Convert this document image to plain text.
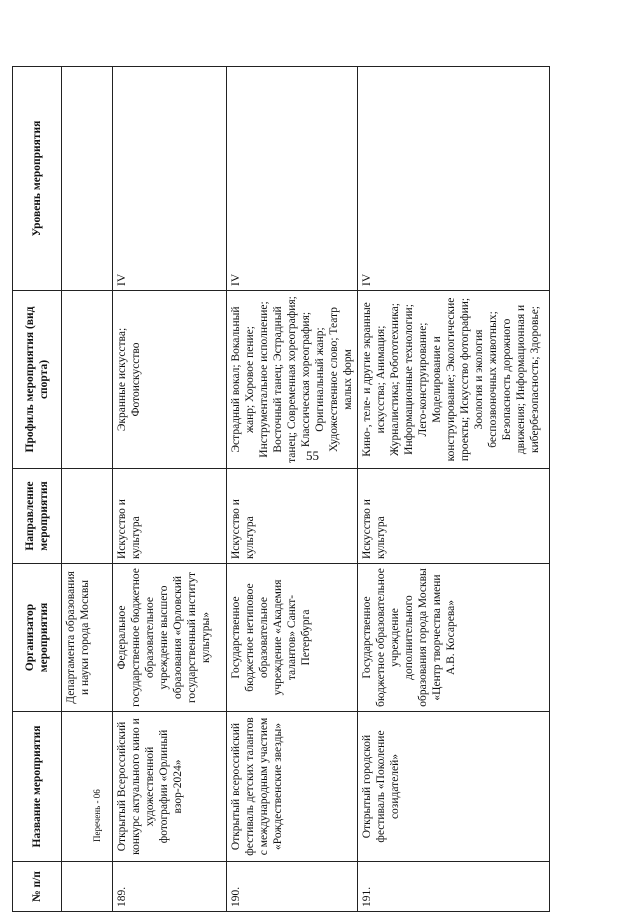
55
Перечень - 06
№ п/п	Название мероприятия	Организатор мероприятия	Направление мероприятия	Профиль мероприятия (вид спорта)	Уровень мероприятия
		Департамента образования и науки города Москвы			
189.	Открытый Всероссийский конкурс актуального кино и художественной фотографии «Орлиный взор-2024»	Федеральное государственное бюджетное образовательное учреждение высшего образования «Орловский государственный институт культуры»	Искусство и культура	Экранные искусства; Фотоискусство	IV
190.	Открытый всероссийский фестиваль детских талантов с международным участием «Рождественские звезды»	Государственное бюджетное нетиповое образовательное учреждение «Академия талантов» Санкт-Петербурга	Искусство и культура	Эстрадный вокал; Вокальный жанр; Хоровое пение; Инструментальное исполнение; Восточный танец; Эстрадный танец; Современная хореография; Классическая хореография; Оригинальный жанр; Художественное слово; Театр малых форм	IV
191.	Открытый городской фестиваль «Поколение созидателей»	Государственное бюджетное образовательное учреждение дополнительного образования города Москвы «Центр творчества имени А.В. Косарева»	Искусство и культура	Кино-, теле- и другие экранные искусства; Анимация; Журналистика; Робототехника; Информационные технологии; Лего-конструирование; Моделирование и конструирование; Экологические проекты; Искусство фотографии; Зоология и экология беспозвоночных животных; Безопасность дорожного движения; Информационная и кибербезопасность; Здоровье;	IV
